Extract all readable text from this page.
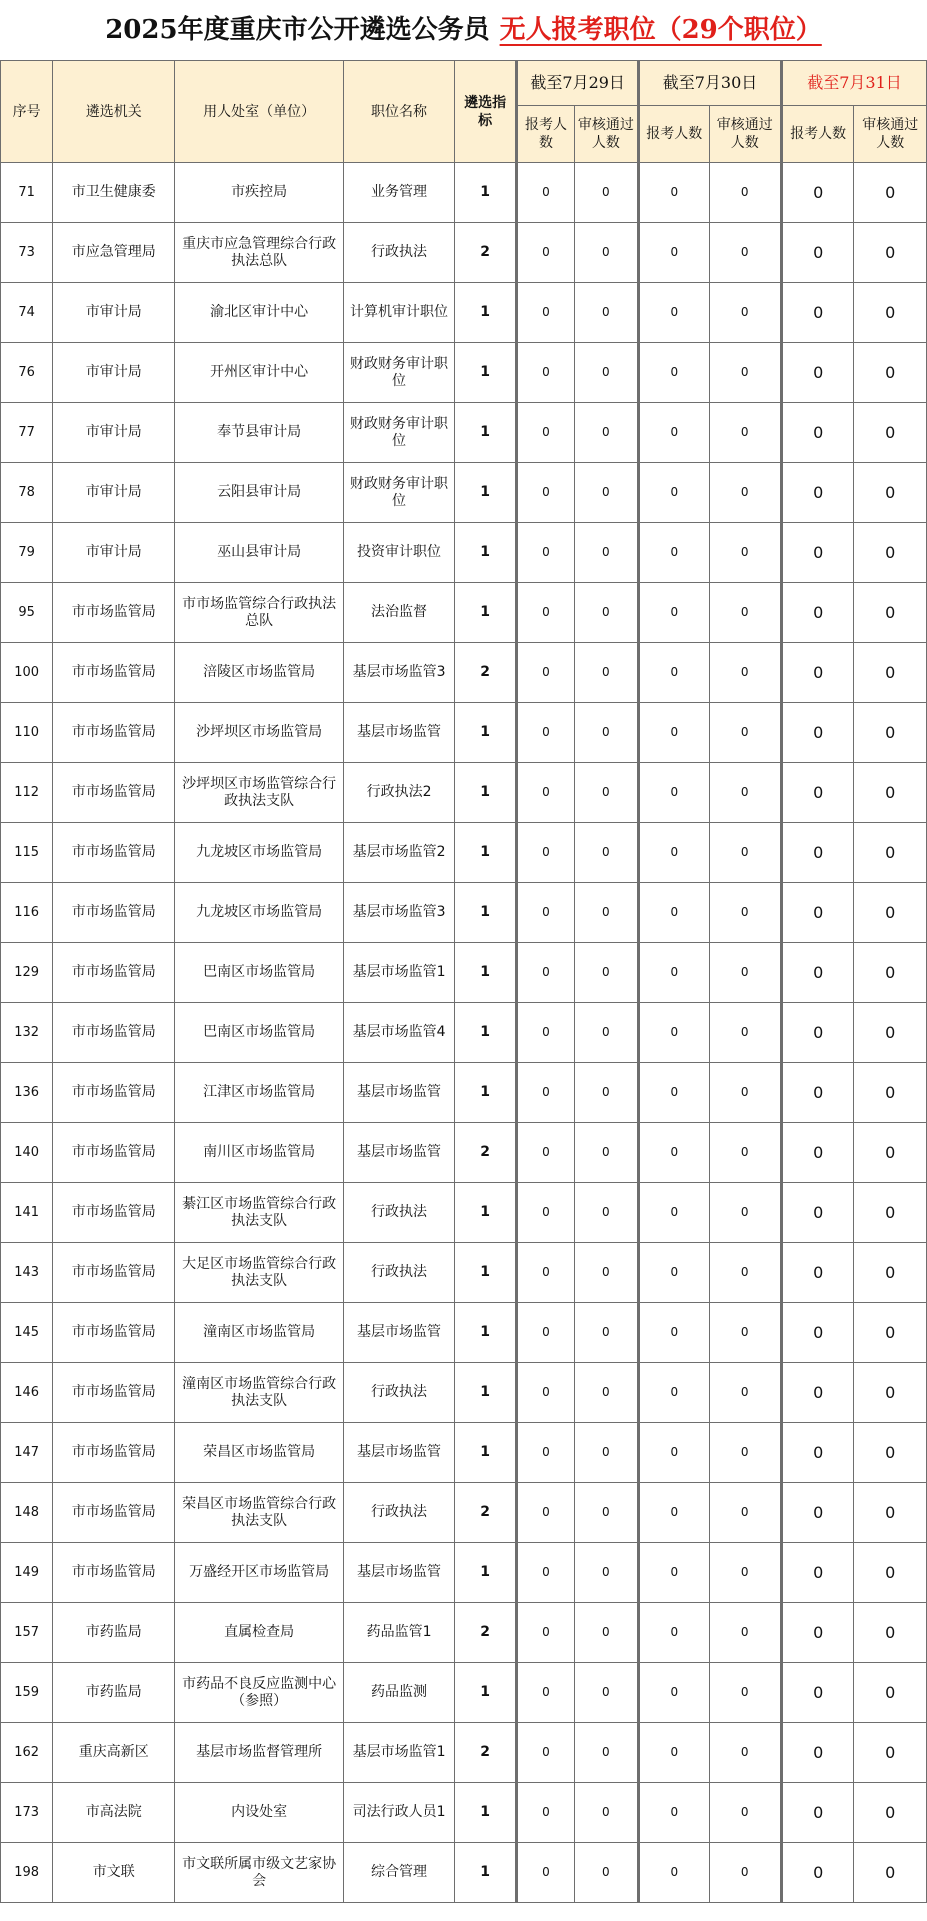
2025年度重庆市公开遴选公务员 无人报考职位（29个职位）
序号	遴选机关	用人处室（单位）	职位名称	遴选指标	截至7月29日		截至7月30日		截至7月31日	
					报考人数	审核通过人数	报考人数	审核通过人数	报考人数	审核通过人数
71	市卫生健康委	市疾控局	业务管理	1	0	0	0	0	0	0
73	市应急管理局	重庆市应急管理综合行政执法总队	行政执法	2	0	0	0	0	0	0
74	市审计局	渝北区审计中心	计算机审计职位	1	0	0	0	0	0	0
76	市审计局	开州区审计中心	财政财务审计职位	1	0	0	0	0	0	0
77	市审计局	奉节县审计局	财政财务审计职位	1	0	0	0	0	0	0
78	市审计局	云阳县审计局	财政财务审计职位	1	0	0	0	0	0	0
79	市审计局	巫山县审计局	投资审计职位	1	0	0	0	0	0	0
95	市市场监管局	市市场监管综合行政执法总队	法治监督	1	0	0	0	0	0	0
100	市市场监管局	涪陵区市场监管局	基层市场监管3	2	0	0	0	0	0	0
110	市市场监管局	沙坪坝区市场监管局	基层市场监管	1	0	0	0	0	0	0
112	市市场监管局	沙坪坝区市场监管综合行政执法支队	行政执法2	1	0	0	0	0	0	0
115	市市场监管局	九龙坡区市场监管局	基层市场监管2	1	0	0	0	0	0	0
116	市市场监管局	九龙坡区市场监管局	基层市场监管3	1	0	0	0	0	0	0
129	市市场监管局	巴南区市场监管局	基层市场监管1	1	0	0	0	0	0	0
132	市市场监管局	巴南区市场监管局	基层市场监管4	1	0	0	0	0	0	0
136	市市场监管局	江津区市场监管局	基层市场监管	1	0	0	0	0	0	0
140	市市场监管局	南川区市场监管局	基层市场监管	2	0	0	0	0	0	0
141	市市场监管局	綦江区市场监管综合行政执法支队	行政执法	1	0	0	0	0	0	0
143	市市场监管局	大足区市场监管综合行政执法支队	行政执法	1	0	0	0	0	0	0
145	市市场监管局	潼南区市场监管局	基层市场监管	1	0	0	0	0	0	0
146	市市场监管局	潼南区市场监管综合行政执法支队	行政执法	1	0	0	0	0	0	0
147	市市场监管局	荣昌区市场监管局	基层市场监管	1	0	0	0	0	0	0
148	市市场监管局	荣昌区市场监管综合行政执法支队	行政执法	2	0	0	0	0	0	0
149	市市场监管局	万盛经开区市场监管局	基层市场监管	1	0	0	0	0	0	0
157	市药监局	直属检查局	药品监管1	2	0	0	0	0	0	0
159	市药监局	市药品不良反应监测中心（参照）	药品监测	1	0	0	0	0	0	0
162	重庆高新区	基层市场监督管理所	基层市场监管1	2	0	0	0	0	0	0
173	市高法院	内设处室	司法行政人员1	1	0	0	0	0	0	0
198	市文联	市文联所属市级文艺家协会	综合管理	1	0	0	0	0	0	0
